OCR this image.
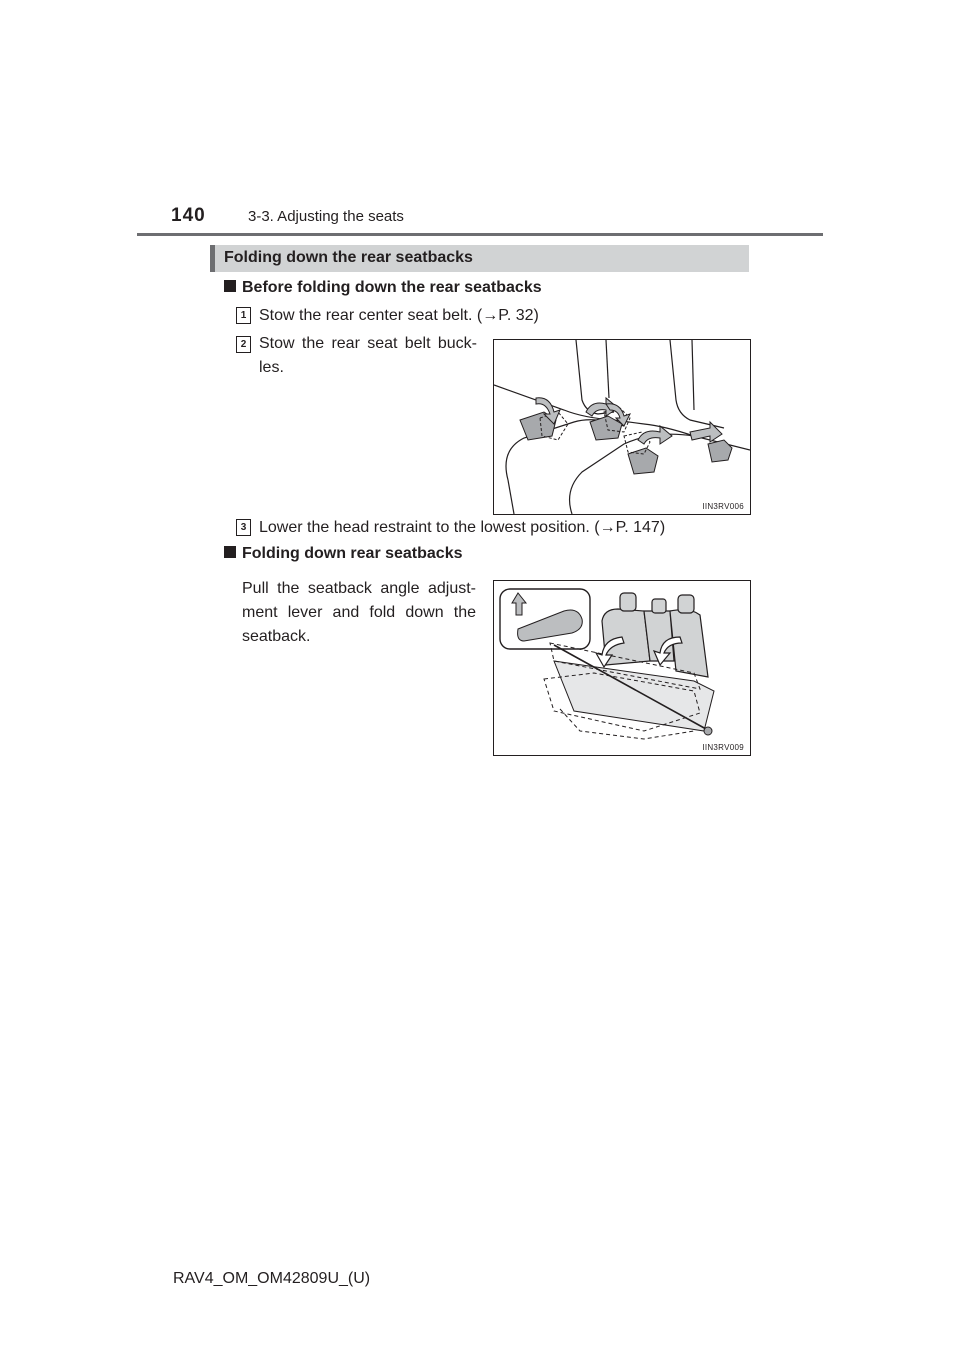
140	3-3. Adjusting the seats
Folding down the rear seatbacks
Before folding down the rear seatbacks
1 Stow the rear center seat belt. (→P. 32)
2 Stow the rear seat belt buck-les.
IIN3RV006
3 Lower the head restraint to the lowest position. (→P. 147)
Folding down rear seatbacks
Pull the seatback angle adjust-ment lever and fold down the seatback.
IIN3RV009
RAV4_OM_OM42809U_(U)
